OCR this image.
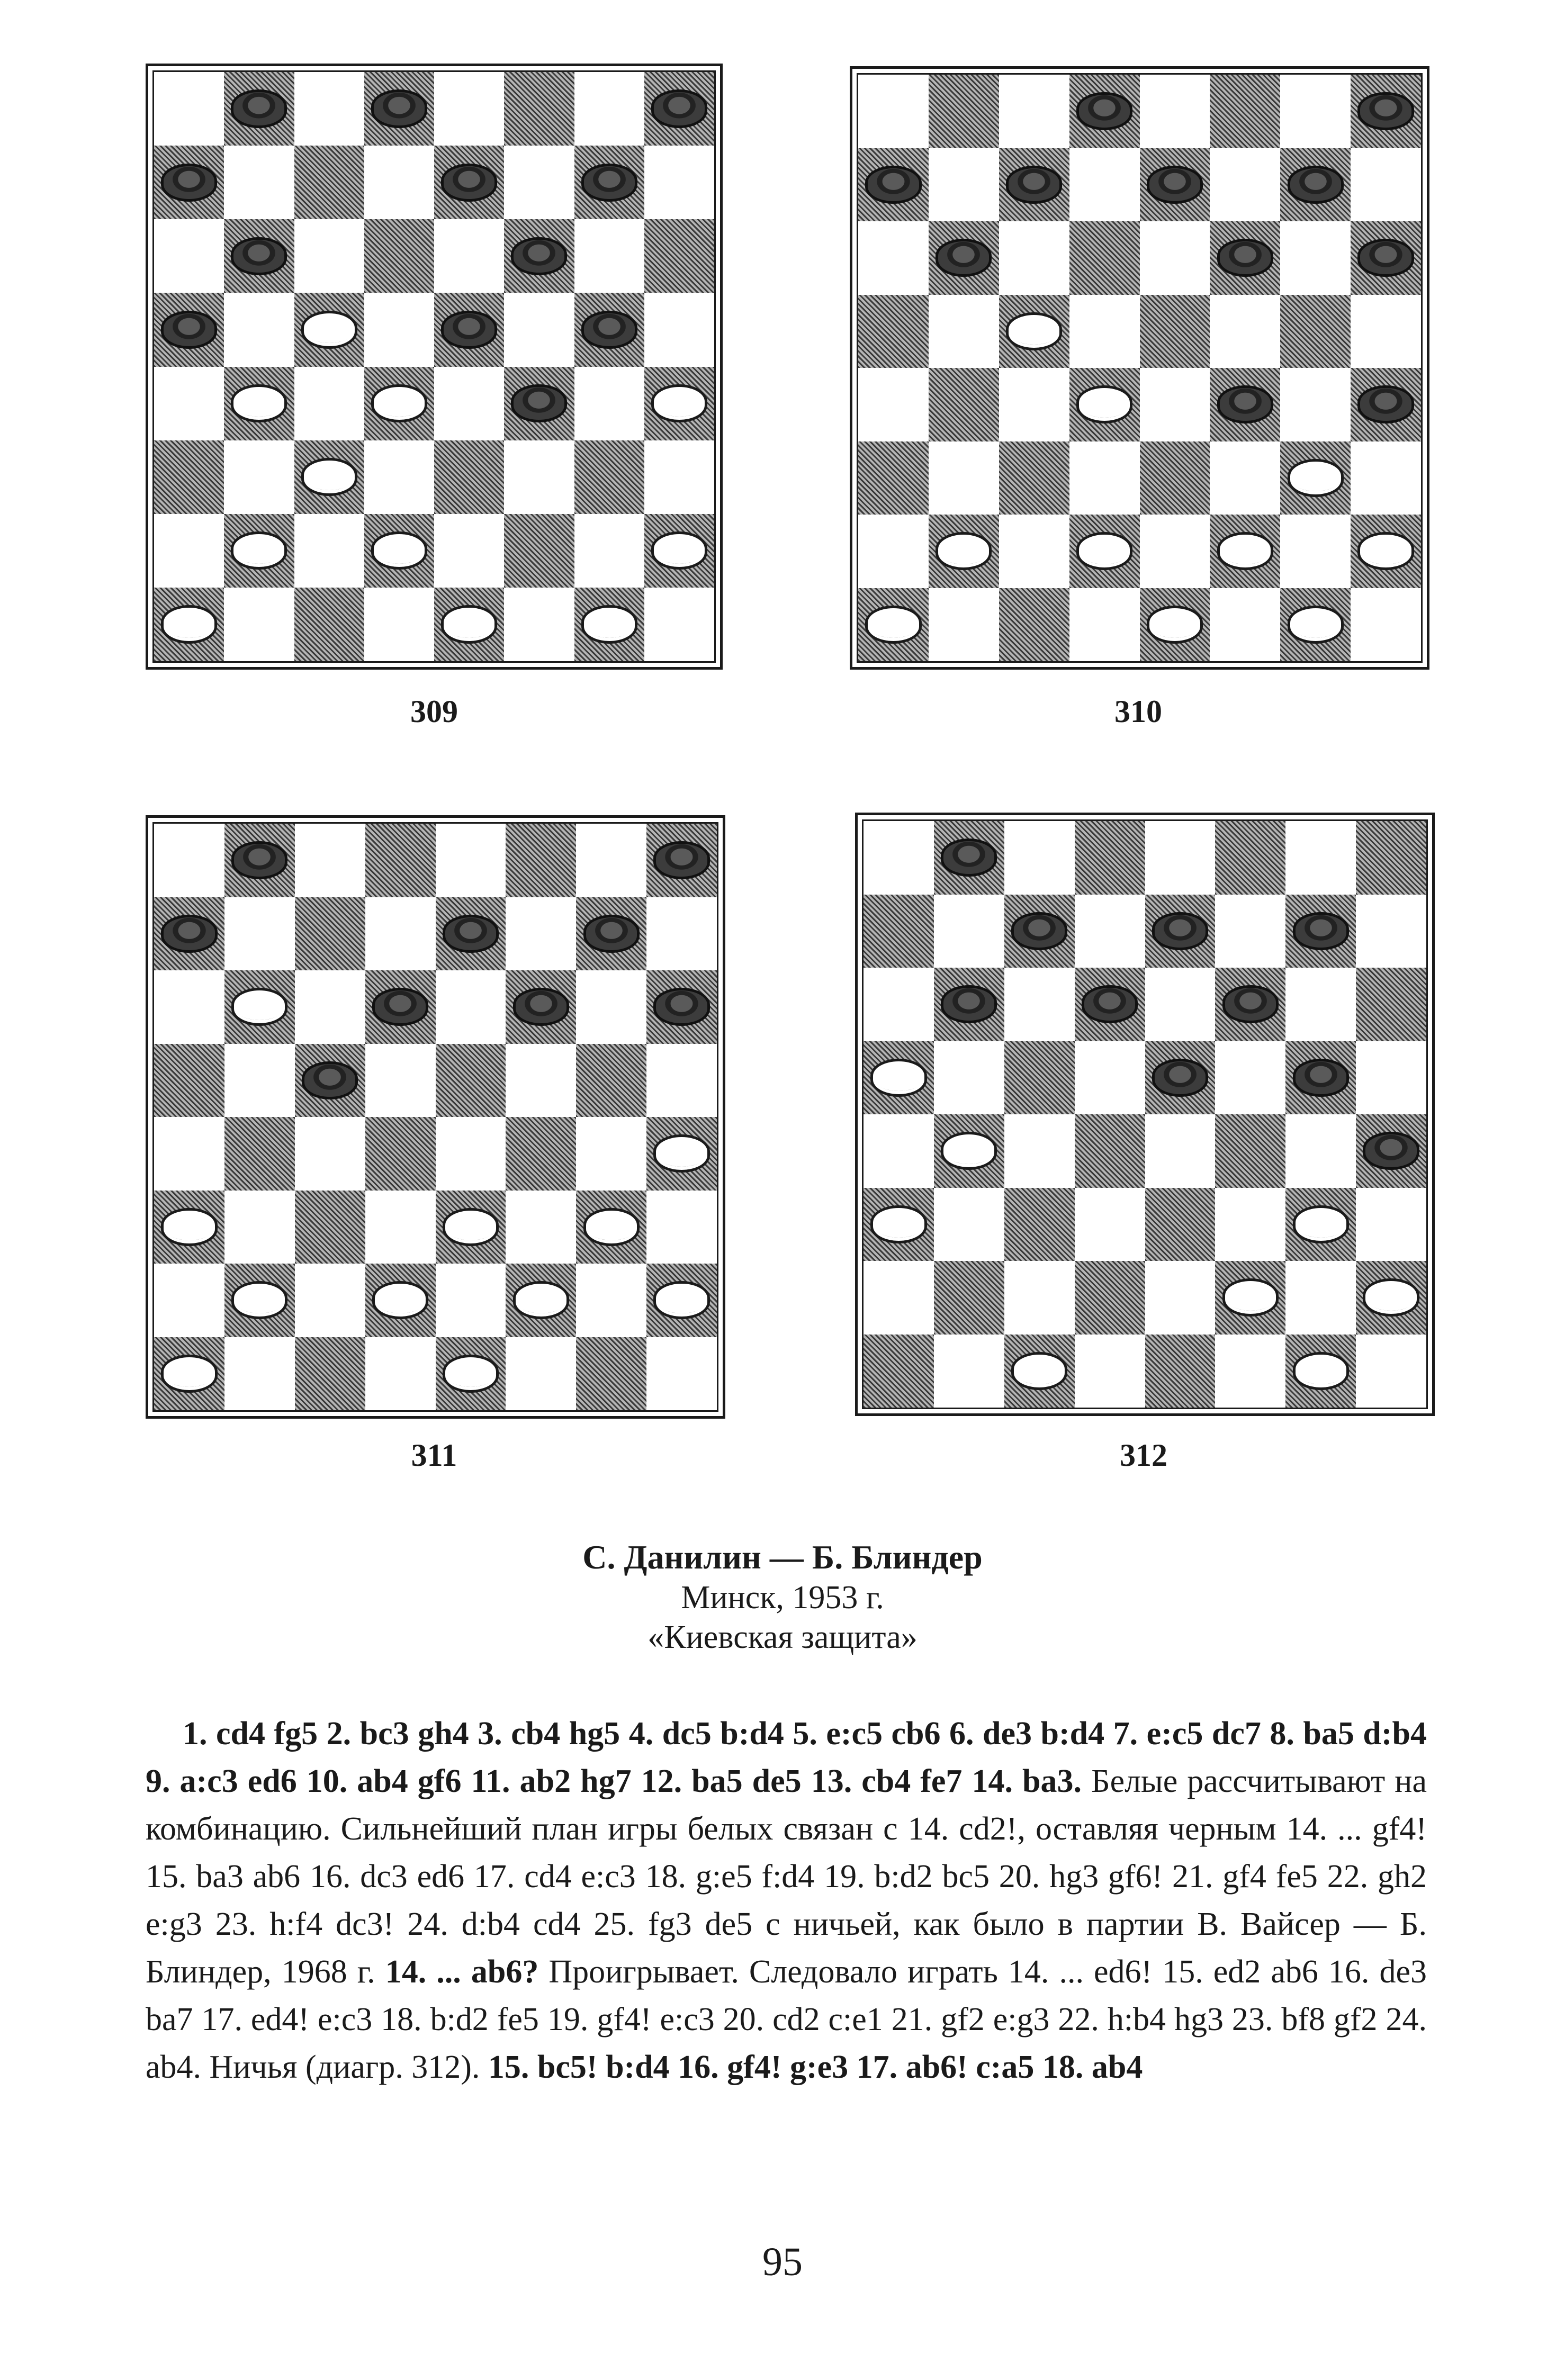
309	310
311	312
С. Данилин — Б. Блиндер
Минск, 1953 г.
«Киевская защита»
1. cd4 fg5 2. bc3 gh4 3. cb4 hg5 4. dc5 b:d4 5. e:c5 cb6 6. de3 b:d4 7. e:c5 dc7 8. ba5 d:b4 9. a:c3 ed6 10. ab4 gf6 11. ab2 hg7 12. ba5 de5 13. cb4 fe7 14. ba3. Белые рассчитывают на комбинацию. Сильнейший план игры белых связан с 14. cd2!, оставляя черным 14. ... gf4! 15. ba3 ab6 16. dc3 ed6 17. cd4 e:c3 18. g:e5 f:d4 19. b:d2 bc5 20. hg3 gf6! 21. gf4 fe5 22. gh2 e:g3 23. h:f4 dc3! 24. d:b4 cd4 25. fg3 de5 с ничьей, как было в партии В. Вайсер — Б. Блиндер, 1968 г. 14. ... ab6? Проигрывает. Следовало играть 14. ... ed6! 15. ed2 ab6 16. de3 ba7 17. ed4! e:c3 18. b:d2 fe5 19. gf4! e:c3 20. cd2 c:e1 21. gf2 e:g3 22. h:b4 hg3 23. bf8 gf2 24. ab4. Ничья (диагр. 312). 15. bc5! b:d4 16. gf4! g:e3 17. ab6! c:a5 18. ab4
95
